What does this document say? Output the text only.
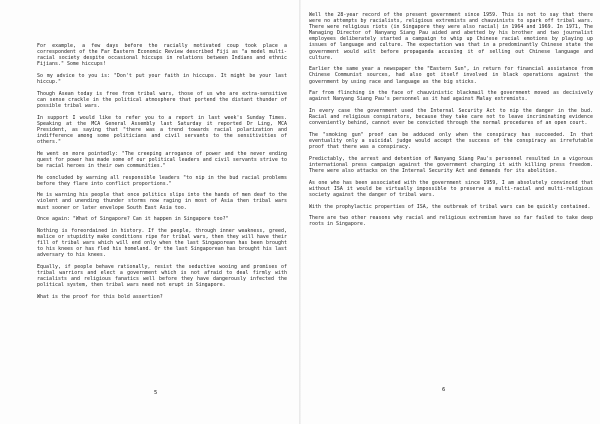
For example, a few days before the racially motivated coup took place a correspondent of the Far Eastern Economic Review described Fiji as "a model multi-racial society despite occasional hiccups in relations between Indians and ethnic Fijians." Some hiccups!

So my advice to you is: "Don't put your faith in hiccups. It might be your last hiccup."

Though Asean today is free from tribal wars, those of us who are extra-sensitive can sense crackle in the political atmosphere that portend the distant thunder of possible tribal wars.

In support I would like to refer you to a report in last week's Sunday Times. Speaking at the MCA General Assembly last Saturday it reported Dr Ling, MCA President, as saying that "there was a trend towards racial polarization and indifference among some politicians and civil servants to the sensitivities of others."

He went on more pointedly: "The creeping arrogance of power and the never ending quest for power has made some of our political leaders and civil servants strive to be racial heroes in their own communities."

He concluded by warning all responsible leaders "to nip in the bud racial problems before they flare into conflict proportions."

He is warning his people that once politics slips into the hands of men deaf to the violent and unending thunder storms now raging in most of Asia then tribal wars must sooner or later envelope South East Asia too.

Once again: "What of Singapore? Can it happen in Singapore too?"

Nothing is foreordained in history. If the people, through inner weakness, greed, malice or stupidity make conditions ripe for tribal wars, then they will have their fill of tribal wars which will end only when the last Singaporean has been brought to his knees or has fled his homeland. Or the last Singaporean has brought his last adversary to his knees.

Equally, if people behave rationally, resist the seductive wooing and promises of tribal warriors and elect a government which is not afraid to deal firmly with racialists and religious fanatics well before they have dangerously infected the political system, then tribal wars need not erupt in Singapore.

What is the proof for this bold assertion?

5

Well the 28-year record of the present government since 1959. This is not to say that there were no attempts by racialists, religious extremists and chauvinists to spark off tribal wars. There were religious riots (in Singapore they were also racial) in 1964 and 1969. In 1971, The Managing Director of Nanyang Siang Pau aided and abetted by his brother and two journalist employees deliberately started a campaign to whip up Chinese racial emotions by playing up issues of language and culture. The expectation was that in a predominantly Chinese state the government would wilt before propaganda accusing it of selling out Chinese language and culture.

Earlier the same year a newspaper the "Eastern Sun", in return for financial assistance from Chinese Communist sources, had also got itself involved in black operations against the government by using race and language as the big sticks.

Far from flinching in the face of chauvinistic blackmail the government moved as decisively against Nanyang Siang Pau's personnel as it had against Malay extremists.

In every case the government used the Internal Security Act to nip the danger in the bud. Racial and religious conspirators, because they take care not to leave incriminating evidence conveniently behind, cannot ever be convicted through the normal procedures of an open court.

The "smoking gun" proof can be adduced only when the conspiracy has succeeded. In that eventuality only a suicidal judge would accept the success of the conspiracy as irrefutable proof that there was a conspiracy.

Predictably, the arrest and detention of Nanyang Siang Pau's personnel resulted in a vigorous international press campaign against the government charging it with killing press freedom. There were also attacks on the Internal Security Act and demands for its abolition.

As one who has been associated with the government since 1959, I am absolutely convinced that without ISA it would be virtually impossible to preserve a multi-racial and multi-religious society against the danger of tribal wars.

With the prophylactic properties of ISA, the outbreak of tribal wars can be quickly contained.

There are two other reasons why racial and religious extremism have so far failed to take deep roots in Singapore.

6
